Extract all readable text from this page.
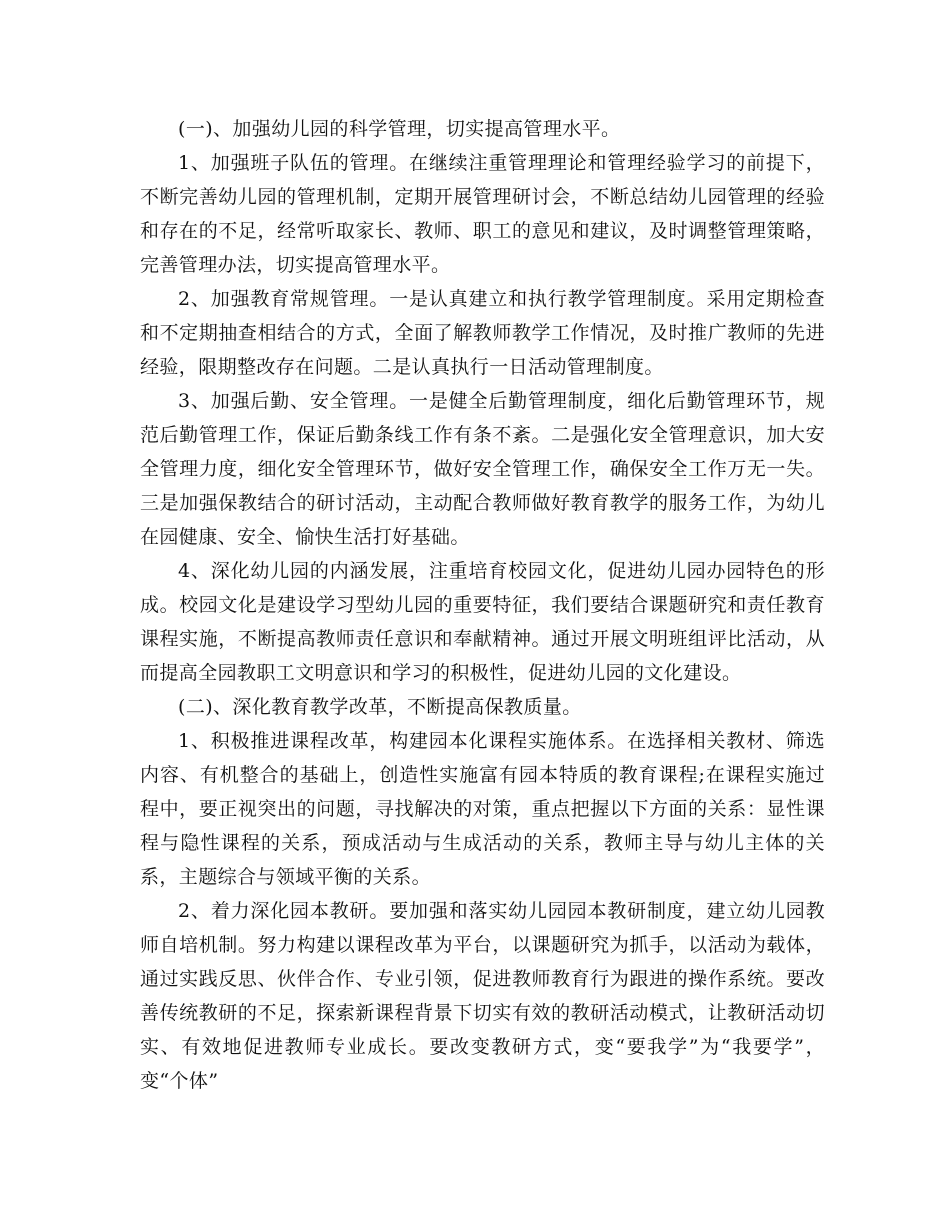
(一)、加强幼儿园的科学管理，切实提高管理水平。

1、加强班子队伍的管理。在继续注重管理理论和管理经验学习的前提下，不断完善幼儿园的管理机制，定期开展管理研讨会，不断总结幼儿园管理的经验和存在的不足，经常听取家长、教师、职工的意见和建议，及时调整管理策略，完善管理办法，切实提高管理水平。

2、加强教育常规管理。一是认真建立和执行教学管理制度。采用定期检查和不定期抽查相结合的方式，全面了解教师教学工作情况，及时推广教师的先进经验，限期整改存在问题。二是认真执行一日活动管理制度。

3、加强后勤、安全管理。一是健全后勤管理制度，细化后勤管理环节，规范后勤管理工作，保证后勤条线工作有条不紊。二是强化安全管理意识，加大安全管理力度，细化安全管理环节，做好安全管理工作，确保安全工作万无一失。三是加强保教结合的研讨活动，主动配合教师做好教育教学的服务工作，为幼儿在园健康、安全、愉快生活打好基础。

4、深化幼儿园的内涵发展，注重培育校园文化，促进幼儿园办园特色的形成。校园文化是建设学习型幼儿园的重要特征，我们要结合课题研究和责任教育课程实施，不断提高教师责任意识和奉献精神。通过开展文明班组评比活动，从而提高全园教职工文明意识和学习的积极性，促进幼儿园的文化建设。

(二)、深化教育教学改革，不断提高保教质量。

1、积极推进课程改革，构建园本化课程实施体系。在选择相关教材、筛选内容、有机整合的基础上，创造性实施富有园本特质的教育课程;在课程实施过程中，要正视突出的问题，寻找解决的对策，重点把握以下方面的关系：显性课程与隐性课程的关系，预成活动与生成活动的关系，教师主导与幼儿主体的关系，主题综合与领域平衡的关系。

2、着力深化园本教研。要加强和落实幼儿园园本教研制度，建立幼儿园教师自培机制。努力构建以课程改革为平台，以课题研究为抓手，以活动为载体，通过实践反思、伙伴合作、专业引领，促进教师教育行为跟进的操作系统。要改善传统教研的不足，探索新课程背景下切实有效的教研活动模式，让教研活动切实、有效地促进教师专业成长。要改变教研方式，变“要我学”为“我要学”，变“个体”
